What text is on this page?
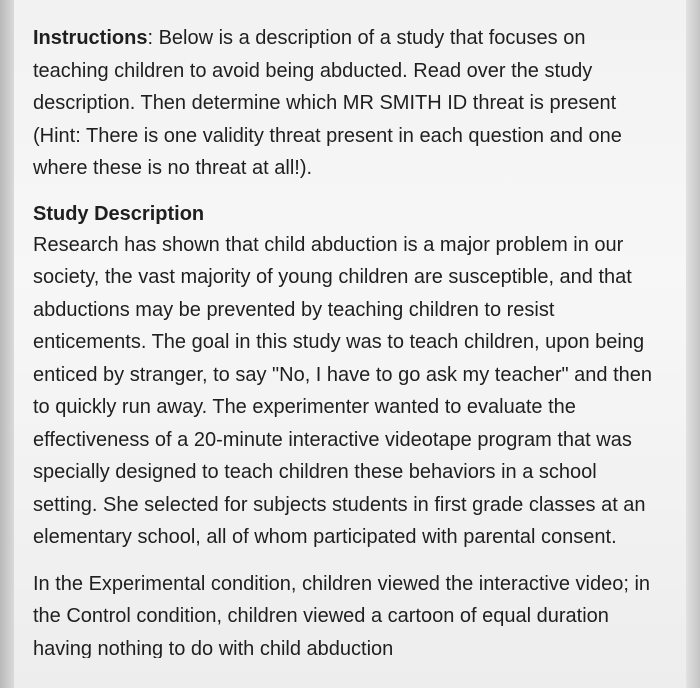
Instructions: Below is a description of a study that focuses on teaching children to avoid being abducted. Read over the study description. Then determine which MR SMITH ID threat is present (Hint: There is one validity threat present in each question and one where these is no threat at all!).

Study Description

Research has shown that child abduction is a major problem in our society, the vast majority of young children are susceptible, and that abductions may be prevented by teaching children to resist enticements. The goal in this study was to teach children, upon being enticed by stranger, to say "No, I have to go ask my teacher" and then to quickly run away. The experimenter wanted to evaluate the effectiveness of a 20-minute interactive videotape program that was specially designed to teach children these behaviors in a school setting. She selected for subjects students in first grade classes at an elementary school, all of whom participated with parental consent.

In the Experimental condition, children viewed the interactive video; in the Control condition, children viewed a cartoon of equal duration having nothing to do with child abduction
